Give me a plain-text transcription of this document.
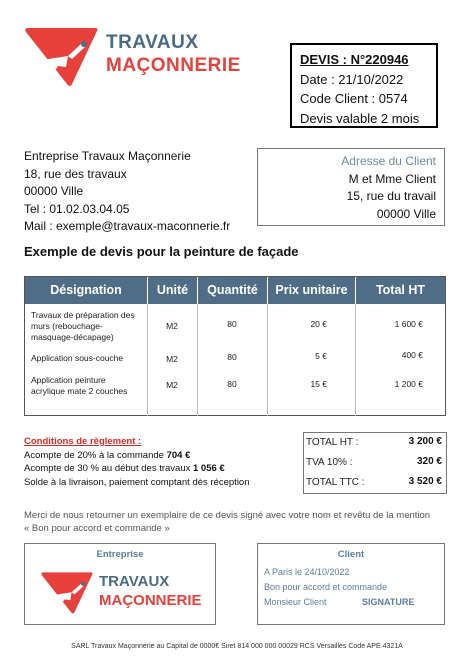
TRAVAUX
MAÇONNERIE	DEVIS : N°220946
Date : 21/10/2022
Code Client : 0574
Devis valable 2 mois
Entreprise Travaux Maçonnerie
18, rue des travaux
00000 Ville
Tel : 01.02.03.04.05
Mail : exemple@travaux-maconnerie.fr
Adresse du Client
M et Mme Client
15, rue du travail
00000 Ville
Exemple de devis pour la peinture de façade
Désignation	Unité	Quantité	Prix unitaire	Total HT
Travaux de préparation des
murs (rebouchage-
masquage-décapage)
M2	80	20 €	1 600 €
Application sous-couche	M2	80	5 €	400 €
Application peinture
acrylique mate 2 couches
M2	80	15 €	1 200 €
Conditions de règlement :
Acompte de 20% à la commande 704 €
Acompte de 30 % au début des travaux 1 056 €
Solde à la livraison, paiement comptant dès réception
TOTAL HT :	3 200 €
TVA 10% :	320 €
TOTAL TTC :	3 520 €
Merci de nous retourner un exemplaire de ce devis signé avec votre nom et revêtu de la mention
« Bon pour accord et commande »
Entreprise
TRAVAUX
MAÇONNERIE
Client
A Paris le 24/10/2022
Bon pour accord et commande
Monsieur Client	SIGNATURE
SARL Travaux Maçonnerie au Capital de 0000€ Siret 814 000 000 00029 RCS Versailles Code APE 4321A
